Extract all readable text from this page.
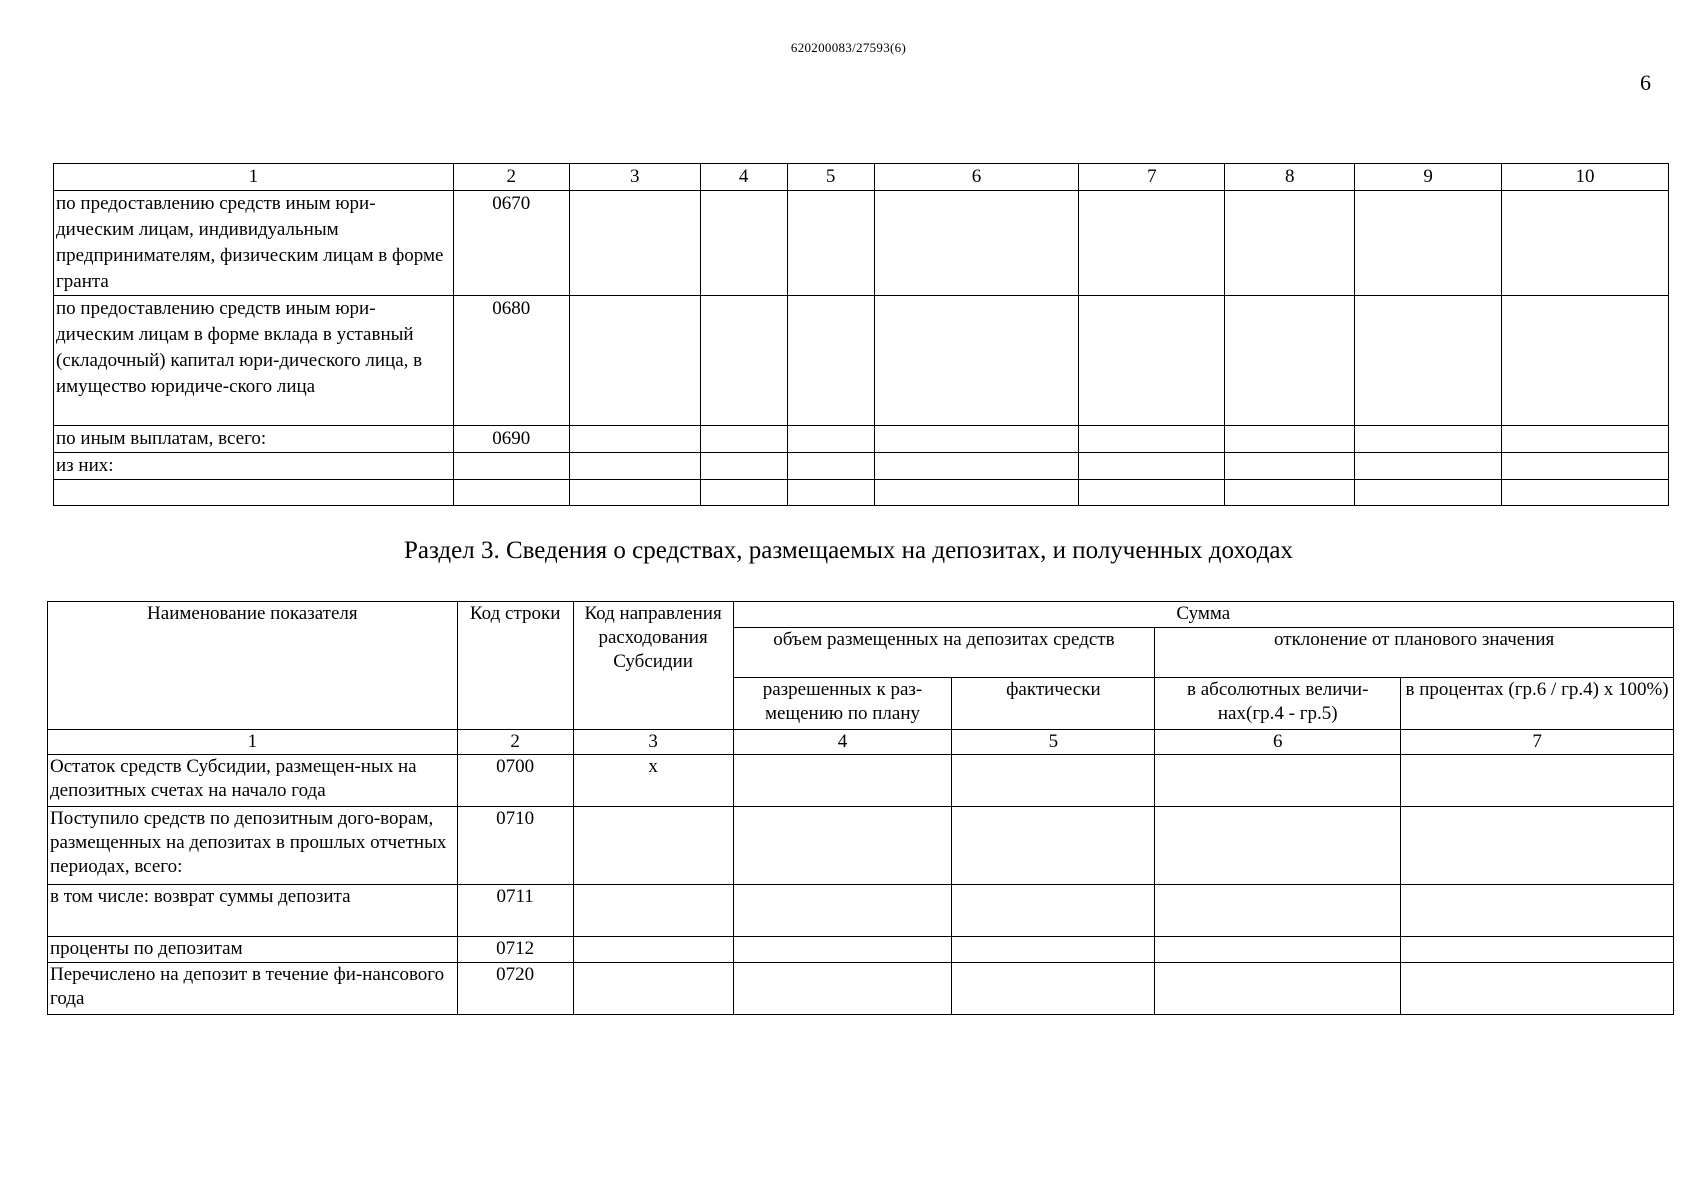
620200083/27593(6)
6
1	2	3	4	5	6	7	8	9	10
по предоставлению средств иным юри-дическим лицам, индивидуальным предпринимателям, физическим лицам в форме гранта	0670								
по предоставлению средств иным юри-дическим лицам в форме вклада в уставный (складочный) капитал юри-дического лица, в имущество юридиче-ского лица	0680								
по иным выплатам, всего:	0690								
из них:									

Раздел 3. Сведения о средствах, размещаемых на депозитах, и полученных доходах
Наименование показателя	Код строки	Код направления расходования Субсидии	Сумма			
			объем размещенных на депозитах средств		отклонение от планового значения	
			разрешенных к раз-мещению по плану	фактически	в абсолютных величи-нах(гр.4 - гр.5)	в процентах (гр.6 / гр.4) x 100%)
1	2	3	4	5	6	7
Остаток средств Субсидии, размещен-ных на депозитных счетах на начало года	0700	x				
Поступило средств по депозитным дого-ворам, размещенных на депозитах в прошлых отчетных периодах, всего:	0710					
в том числе: возврат суммы депозита	0711					
проценты по депозитам	0712					
Перечислено на депозит в течение фи-нансового года	0720					
